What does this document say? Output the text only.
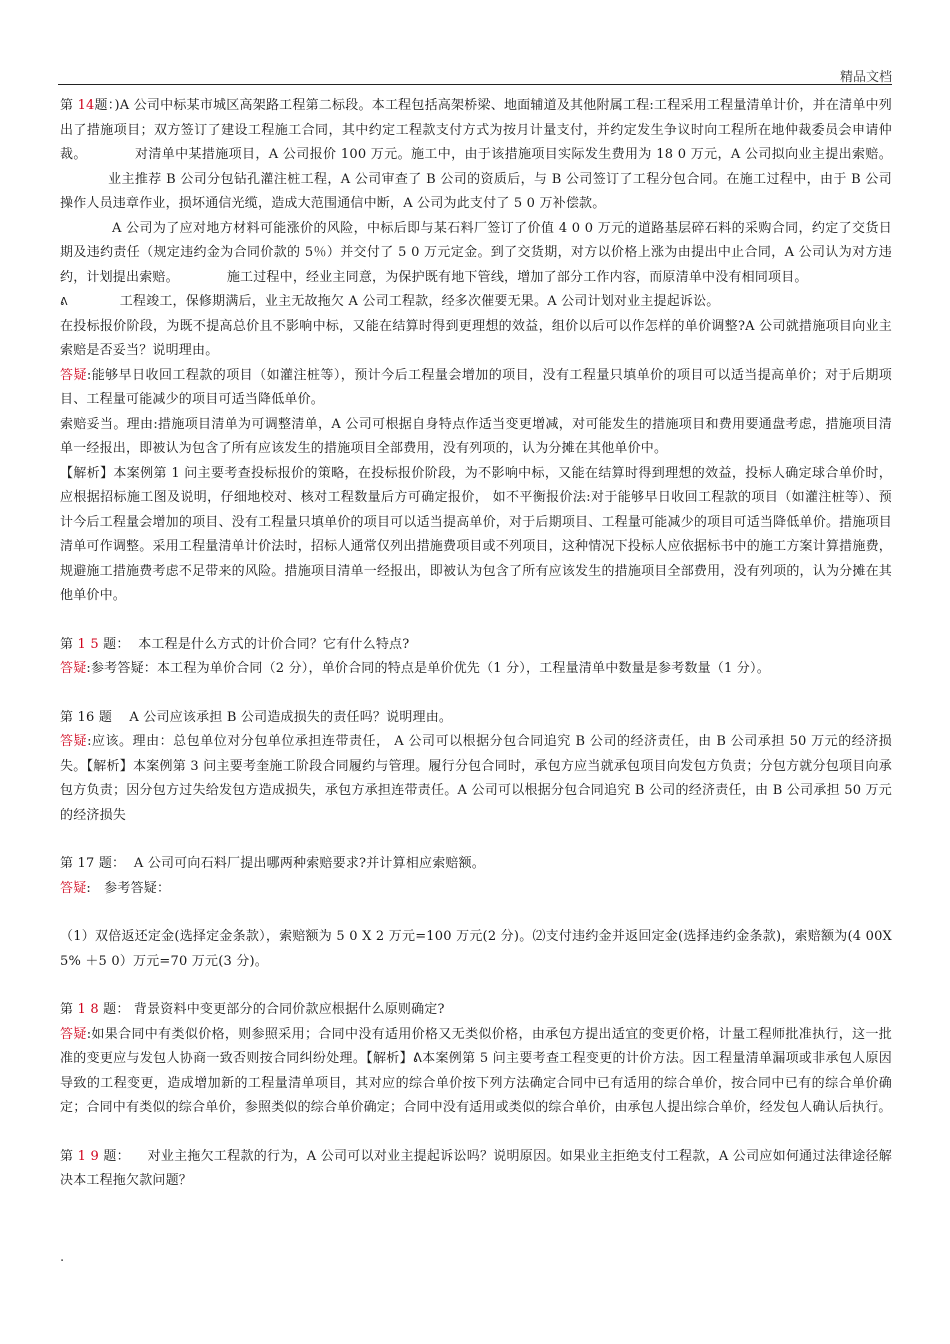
精品文档

第 14题：)A 公司中标某市城区高架路工程第二标段。本工程包括高架桥梁、地面辅道及其他附属工程:工程采用工程量清单计价，并在清单中列出了措施项目；双方签订了建设工程施工合同，其中约定工程款支付方式为按月计量支付，并约定发生争议时向工程所在地仲裁委员会申请仲裁。	对清单中某措施项目，A 公司报价 100 万元。施工中，由于该措施项目实际发生费用为 18 0 万元，A 公司拟向业主提出索赔。业主推荐 B 公司分包钻孔灌注桩工程，A 公司审查了 B 公司的资质后，与 B 公司签订了工程分包合同。在施工过程中，由于 B 公司操作人员违章作业，损坏通信光缆，造成大范围通信中断，A 公司为此支付了 5 0 万补偿款。

A 公司为了应对地方材料可能涨价的风险，中标后即与某石料厂签订了价值 4 0 0 万元的道路基层碎石料的采购合同，约定了交货日期及违约责任（规定违约金为合同价款的 5％）并交付了 5 0 万元定金。到了交货期，对方以价格上涨为由提出中止合同，A 公司认为对方违约，计划提出索赔。	施工过程中，经业主同意，为保护既有地下管线，增加了部分工作内容，而原清单中没有相同项目。

ᕕ	工程竣工，保修期满后，业主无故拖欠 A 公司工程款，经多次催要无果。A 公司计划对业主提起诉讼。

在投标报价阶段，为既不提高总价且不影响中标，又能在结算时得到更理想的效益，组价以后可以作怎样的单价调整?A 公司就措施项目向业主索赔是否妥当？说明理由。

答疑:能够早日收回工程款的项目（如灌注桩等），预计今后工程量会增加的项目，没有工程量只填单价的项目可以适当提高单价；对于后期项目、工程量可能减少的项目可适当降低单价。

索赔妥当。理由:措施项目清单为可调整清单，A 公司可根据自身特点作适当变更增减，对可能发生的措施项目和费用要通盘考虑，措施项目清单一经报出，即被认为包含了所有应该发生的措施项目全部费用，没有列项的，认为分摊在其他单价中。

【解析】本案例第 1 问主要考查投标报价的策略，在投标报价阶段，为不影响中标，又能在结算时得到理想的效益，投标人确定球合单价时，应根据招标施工图及说明，仔细地校对、核对工程数量后方可确定报价， 如不平衡报价法:对于能够早日收回工程款的项目（如灌注桩等）、预计今后工程量会增加的项目、没有工程量只填单价的项目可以适当提高单价，对于后期项目、工程量可能减少的项目可适当降低单价。措施项目清单可作调整。采用工程量清单计价法时，招标人通常仅列出措施费项目或不列项目，这种情况下投标人应依据标书中的施工方案计算措施费，规避施工措施费考虑不足带来的风险。措施项目清单一经报出，即被认为包含了所有应该发生的措施项目全部费用，没有列项的，认为分摊在其他单价中。

第 1 5 题： 本工程是什么方式的计价合同？它有什么特点?

答疑:参考答疑：本工程为单价合同（2 分），单价合同的特点是单价优先（1 分），工程量清单中数量是参考数量（1 分）。

第 16 题 A 公司应该承担 B 公司造成损失的责任吗？说明理由。

答疑:应该。理由：总包单位对分包单位承担连带责任， A 公司可以根据分包合同追究 B 公司的经济责任，由 B 公司承担 50 万元的经济损失。【解析】本案例第 3 问主要考奎施工阶段合同履约与管理。履行分包合同时，承包方应当就承包项目向发包方负责；分包方就分包项目向承包方负责；因分包方过失给发包方造成损失，承包方承担连带责任。A 公司可以根据分包合同追究 B 公司的经济责任，由 B 公司承担 50 万元的经济损失

第 17 题： A 公司可向石料厂提出哪两种索赔要求?并计算相应索赔额。

答疑:　参考答疑：

（1）双倍返还定金(选择定金条款），索赔额为 5 0 X 2 万元=100 万元(2 分)。⑵支付违约金并返回定金(选择违约金条款)，索赔额为(4 00X 5% ＋5 0）万元=70 万元(3 分)。

第 1 8 题： 背景资料中变更部分的合同价款应根据什么原则确定?

答疑:如果合同中有类似价格，则参照采用；合同中没有适用价格又无类似价格，由承包方提出适宜的变更价格，计量工程师批准执行，这一批准的变更应与发包人协商一致否则按合同纠纷处理。【解析】ᕕ本案例第 5 问主要考查工程变更的计价方法。因工程量清单漏项或非承包人原因导致的工程变更，造成增加新的工程量清单项目，其对应的综合单价按下列方法确定合同中已有适用的综合单价，按合同中已有的综合单价确定；合同中有类似的综合单价，参照类似的综合单价确定；合同中没有适用或类似的综合单价，由承包人提出综合单价，经发包人确认后执行。

第 1 9 题： 对业主拖欠工程款的行为，A 公司可以对业主提起诉讼吗？说明原因。如果业主拒绝支付工程款，A 公司应如何通过法律途径解决本工程拖欠款问题？

.
